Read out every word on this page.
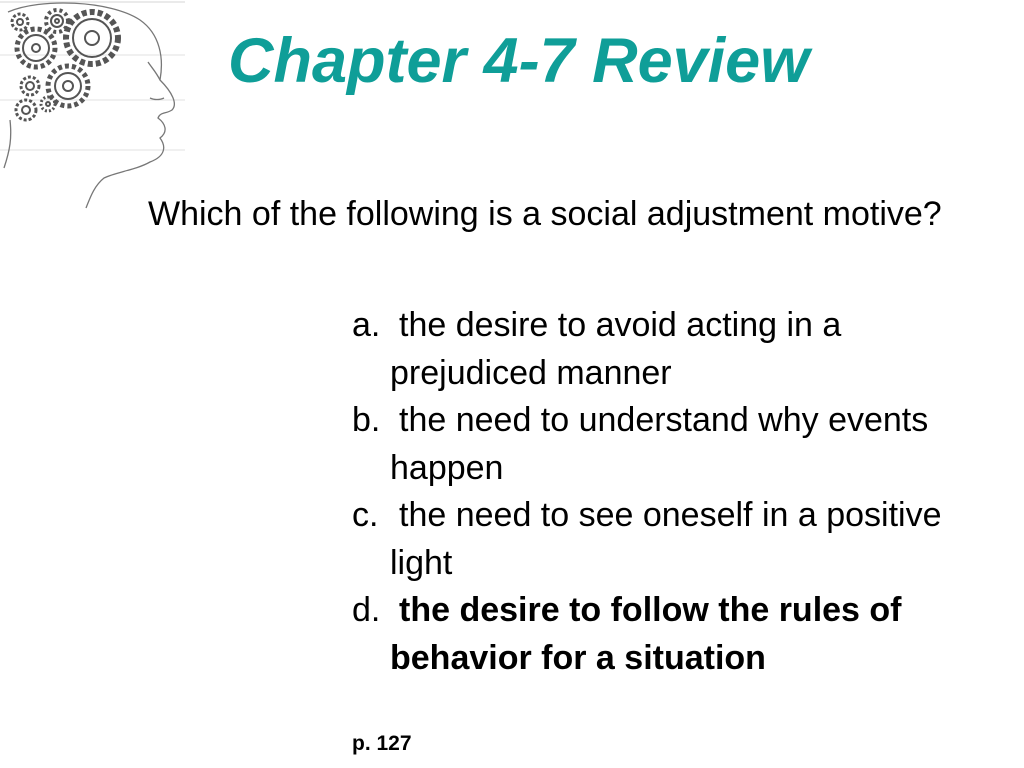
Chapter 4-7 Review

Which of the following is a social adjustment motive?

a. the desire to avoid acting in a prejudiced manner
b. the need to understand why events happen
c. the need to see oneself in a positive light
d. the desire to follow the rules of behavior for a situation

p. 127
